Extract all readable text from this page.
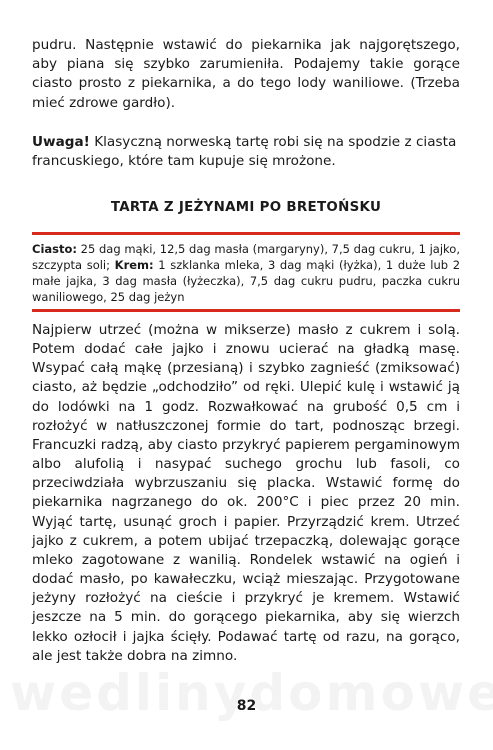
pudru. Następnie wstawić do piekarnika jak najgorętszego, aby piana się szybko zarumieniła. Podajemy takie gorące ciasto prosto z piekarnika, a do tego lody waniliowe. (Trzeba mieć zdrowe gardło).

Uwaga! Klasyczną norweską tartę robi się na spodzie z ciasta francuskiego, które tam kupuje się mrożone.

TARTA Z JEŻYNAMI PO BRETOŃSKU

Ciasto: 25 dag mąki, 12,5 dag masła (margaryny), 7,5 dag cukru, 1 jajko, szczypta soli; Krem: 1 szklanka mleka, 3 dag mąki (łyżka), 1 duże lub 2 małe jajka, 3 dag masła (łyżeczka), 7,5 dag cukru pudru, paczka cukru waniliowego, 25 dag jeżyn

Najpierw utrzeć (można w mikserze) masło z cukrem i solą. Potem dodać całe jajko i znowu ucierać na gładką masę. Wsypać całą mąkę (przesianą) i szybko zagnieść (zmiksować) ciasto, aż będzie „odchodziło” od ręki. Ulepić kulę i wstawić ją do lodówki na 1 godz. Rozwałkować na grubość 0,5 cm i rozłożyć w natłuszczonej formie do tart, podnosząc brzegi. Francuzki radzą, aby ciasto przykryć papierem pergaminowym albo alufolią i nasypać suchego grochu lub fasoli, co przeciwdziała wybrzuszaniu się placka. Wstawić formę do piekarnika nagrzanego do ok. 200°C i piec przez 20 min. Wyjąć tartę, usunąć groch i papier. Przyrządzić krem. Utrzeć jajko z cukrem, a potem ubijać trzepaczką, dolewając gorące mleko zagotowane z wanilią. Rondelek wstawić na ogień i dodać masło, po kawałeczku, wciąż mieszając. Przygotowane jeżyny rozłożyć na cieście i przykryć je kremem. Wstawić jeszcze na 5 min. do gorącego piekarnika, aby się wierzch lekko ozłocił i jajka ścięły. Podawać tartę od razu, na gorąco, ale jest także dobra na zimno.

82
